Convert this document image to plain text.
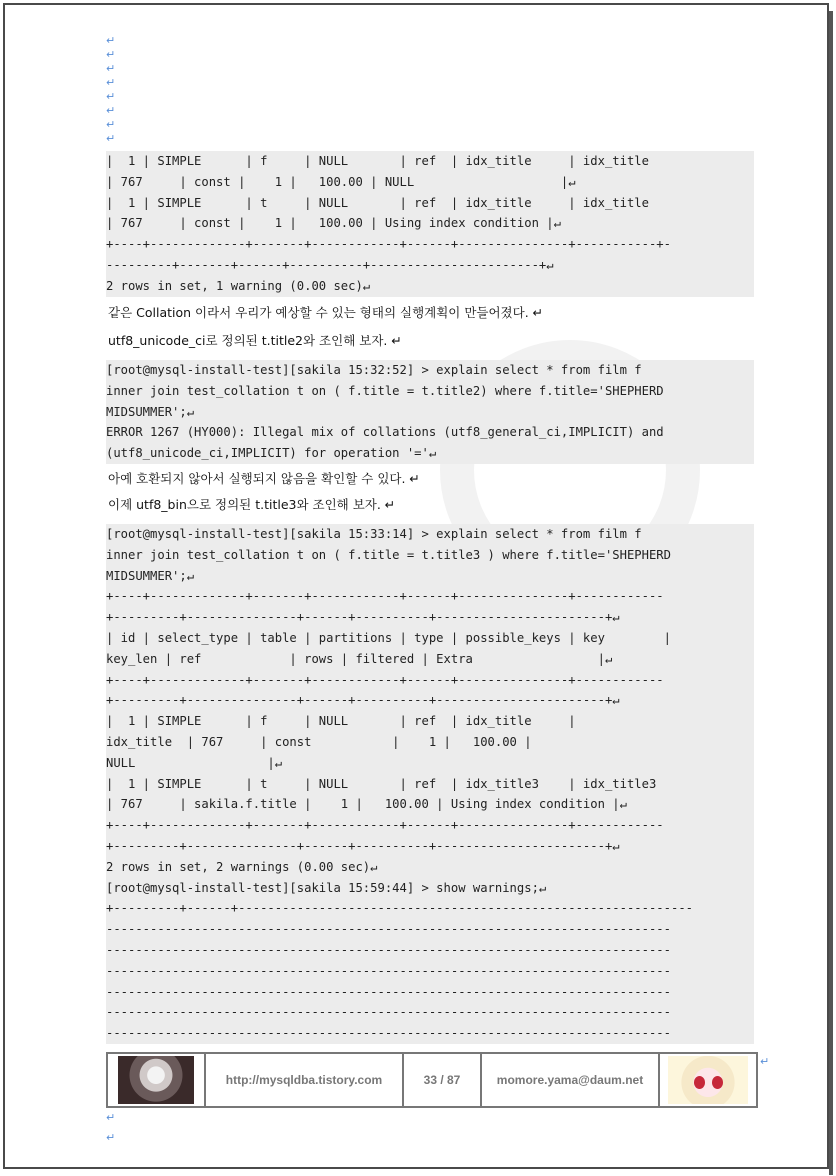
↵
↵
↵
↵
↵
↵
↵
↵
|  1 | SIMPLE      | f     | NULL       | ref  | idx_title     | idx_title
| 767     | const |    1 |   100.00 | NULL                    |↵
|  1 | SIMPLE      | t     | NULL       | ref  | idx_title     | idx_title
| 767     | const |    1 |   100.00 | Using index condition |↵
+----+-------------+-------+------------+------+---------------+-----------+-
---------+-------+------+----------+-----------------------+↵
2 rows in set, 1 warning (0.00 sec)↵
같은 Collation 이라서 우리가 예상할 수 있는 형태의 실행계획이 만들어졌다. ↵
utf8_unicode_ci로 정의된 t.title2와 조인해 보자. ↵
[root@mysql-install-test][sakila 15:32:52] > explain select * from film f
inner join test_collation t on ( f.title = t.title2) where f.title='SHEPHERD
MIDSUMMER';↵
ERROR 1267 (HY000): Illegal mix of collations (utf8_general_ci,IMPLICIT) and
(utf8_unicode_ci,IMPLICIT) for operation '='↵
아예 호환되지 않아서 실행되지 않음을 확인할 수 있다. ↵
이제 utf8_bin으로 정의된 t.title3와 조인해 보자. ↵
[root@mysql-install-test][sakila 15:33:14] > explain select * from film f
inner join test_collation t on ( f.title = t.title3 ) where f.title='SHEPHERD
MIDSUMMER';↵
+----+-------------+-------+------------+------+---------------+------------
+---------+---------------+------+----------+-----------------------+↵
| id | select_type | table | partitions | type | possible_keys | key        |
key_len | ref            | rows | filtered | Extra                 |↵
+----+-------------+-------+------------+------+---------------+------------
+---------+---------------+------+----------+-----------------------+↵
|  1 | SIMPLE      | f     | NULL       | ref  | idx_title     |
idx_title  | 767     | const           |    1 |   100.00 |
NULL                  |↵
|  1 | SIMPLE      | t     | NULL       | ref  | idx_title3    | idx_title3
| 767     | sakila.f.title |    1 |   100.00 | Using index condition |↵
+----+-------------+-------+------------+------+---------------+------------
+---------+---------------+------+----------+-----------------------+↵
2 rows in set, 2 warnings (0.00 sec)↵
[root@mysql-install-test][sakila 15:59:44] > show warnings;↵
+---------+------+--------------------------------------------------------------
-----------------------------------------------------------------------------
-----------------------------------------------------------------------------
-----------------------------------------------------------------------------
-----------------------------------------------------------------------------
-----------------------------------------------------------------------------
-----------------------------------------------------------------------------
http://mysqldba.tistory.com	33 / 87	momore.yama@daum.net
↵
↵
↵
